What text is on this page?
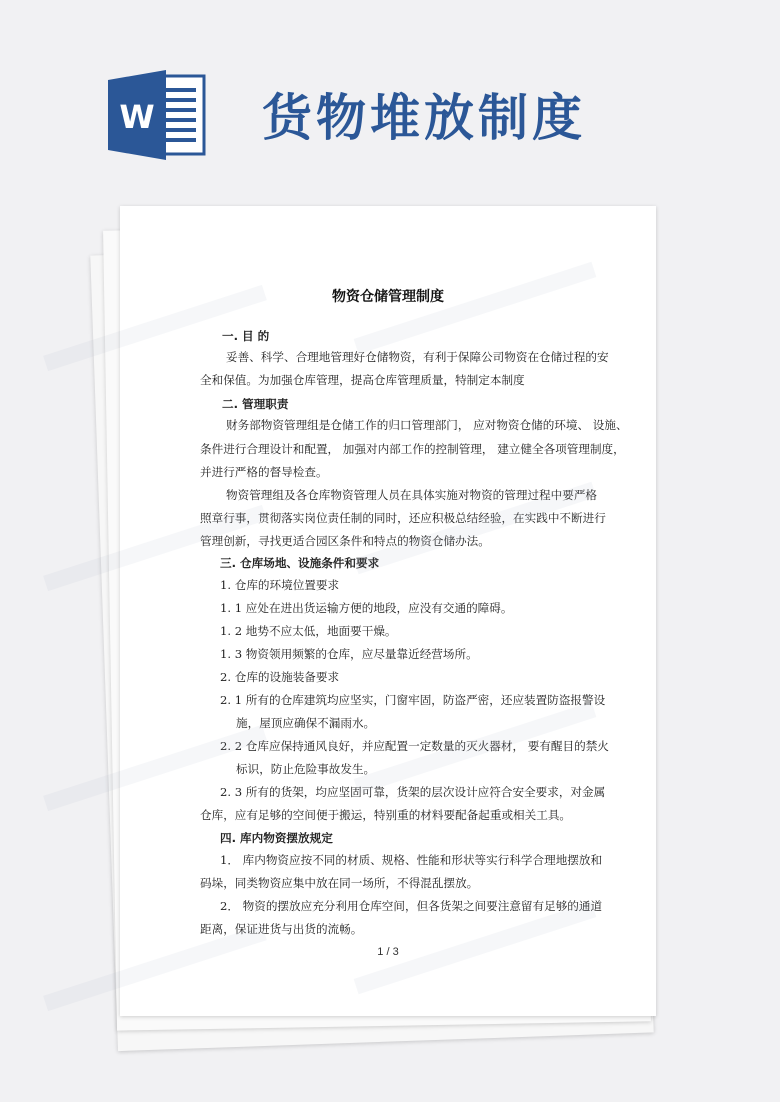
W 货物堆放制度
物资仓储管理制度
一. 目 的
妥善、科学、合理地管理好仓储物资，有利于保障公司物资在仓储过程的安
全和保值。为加强仓库管理，提高仓库管理质量，特制定本制度
二. 管理职责
财务部物资管理组是仓储工作的归口管理部门， 应对物资仓储的环境、 设施、
条件进行合理设计和配置， 加强对内部工作的控制管理， 建立健全各项管理制度，
并进行严格的督导检查。
物资管理组及各仓库物资管理人员在具体实施对物资的管理过程中要严格
照章行事，贯彻落实岗位责任制的同时，还应积极总结经验，在实践中不断进行
管理创新，寻找更适合园区条件和特点的物资仓储办法。
三. 仓库场地、设施条件和要求
1. 仓库的环境位置要求
1. 1 应处在进出货运输方便的地段，应没有交通的障碍。
1. 2 地势不应太低，地面要干燥。
1. 3 物资领用频繁的仓库，应尽量靠近经营场所。
2. 仓库的设施装备要求
2. 1 所有的仓库建筑均应坚实，门窗牢固，防盗严密，还应装置防盗报警设
施，屋顶应确保不漏雨水。
2. 2 仓库应保持通风良好，并应配置一定数量的灭火器材， 要有醒目的禁火
标识，防止危险事故发生。
2. 3 所有的货架，均应坚固可靠，货架的层次设计应符合安全要求，对金属
仓库，应有足够的空间便于搬运，特别重的材料要配备起重或相关工具。
四. 库内物资摆放规定
1． 库内物资应按不同的材质、规格、性能和形状等实行科学合理地摆放和
码垛，同类物资应集中放在同一场所，不得混乱摆放。
2． 物资的摆放应充分利用仓库空间，但各货架之间要注意留有足够的通道
距离，保证进货与出货的流畅。
1 / 3
